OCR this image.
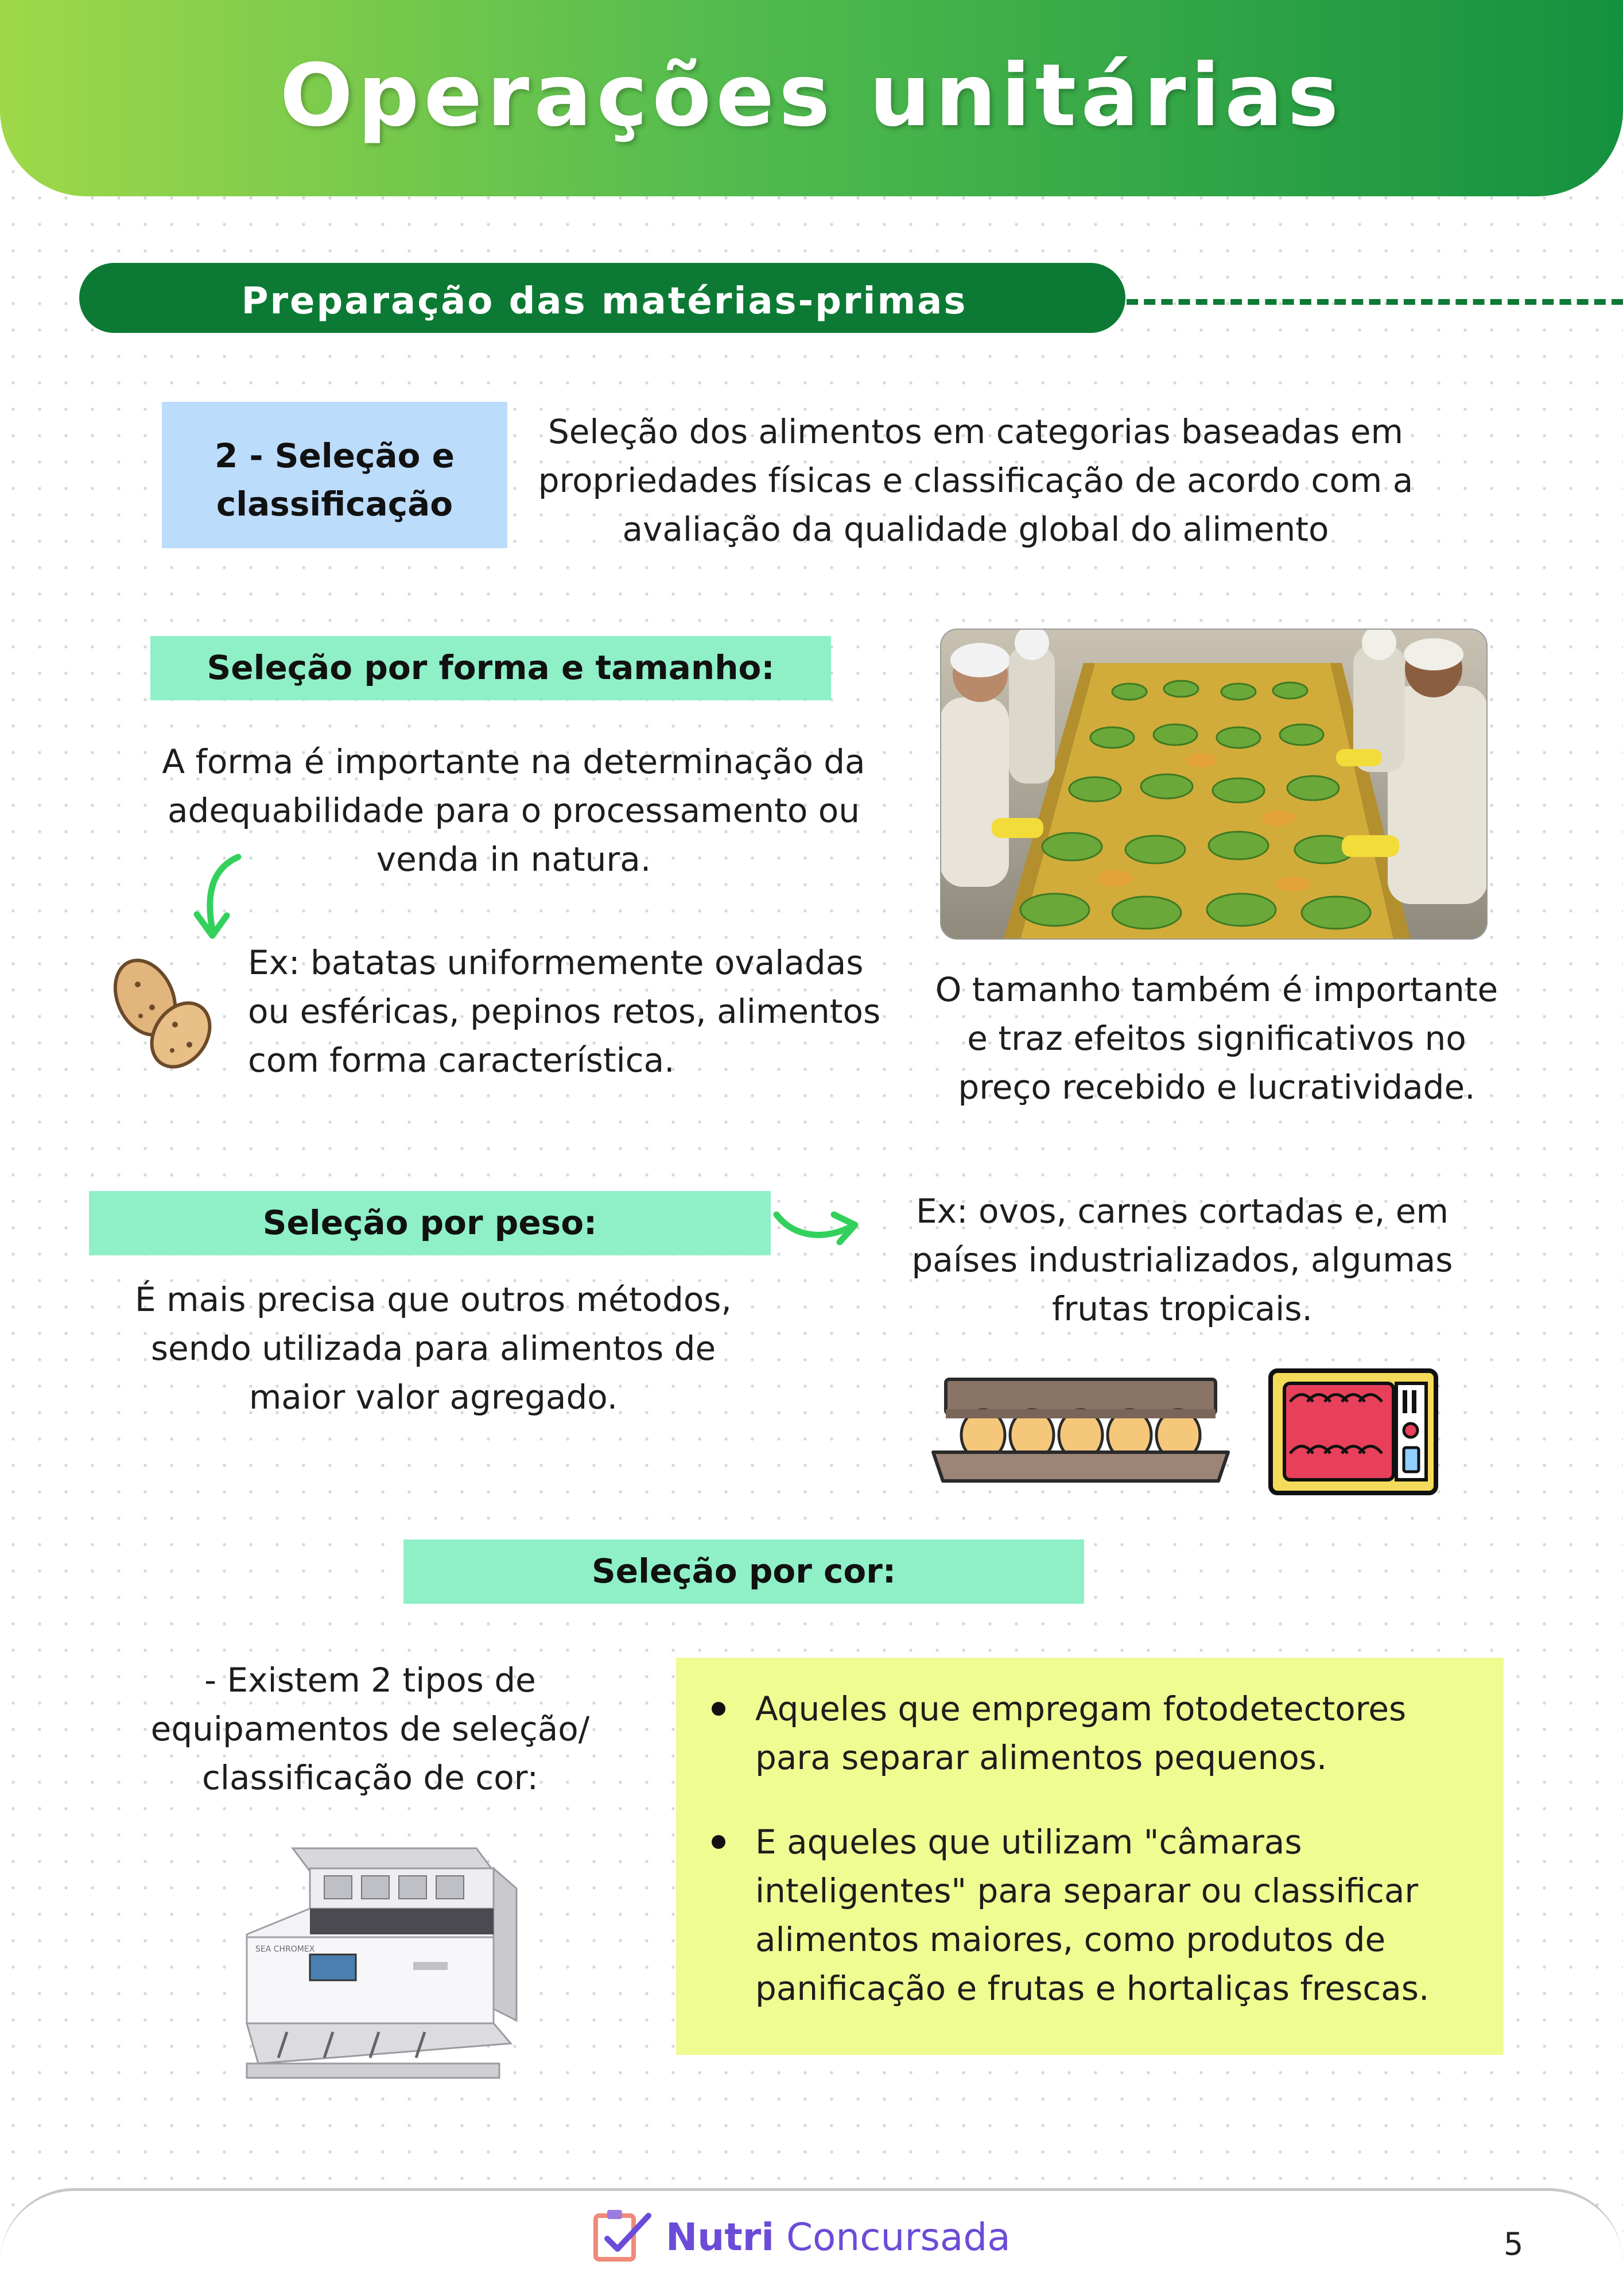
Operações unitárias
Preparação das matérias-primas
2 - Seleção e
classificação
Seleção dos alimentos em categorias baseadas em
propriedades físicas e classificação de acordo com a
avaliação da qualidade global do alimento
Seleção por forma e tamanho:
A forma é importante na determinação da
adequabilidade para o processamento ou
venda in natura.
Ex: batatas uniformemente ovaladas
ou esféricas, pepinos retos, alimentos
com forma característica.
O tamanho também é importante
e traz efeitos significativos no
preço recebido e lucratividade.
Seleção por peso:
É mais precisa que outros métodos,
sendo utilizada para alimentos de
maior valor agregado.
Ex: ovos, carnes cortadas e, em
países industrializados, algumas
frutas tropicais.
Seleção por cor:
- Existem 2 tipos de
equipamentos de seleção/
classificação de cor:
SEA CHROMEX
Aqueles que empregam fotodetectores
para separar alimentos pequenos.
E aqueles que utilizam "câmaras
inteligentes" para separar ou classificar
alimentos maiores, como produtos de
panificação e frutas e hortaliças frescas.
Nutri Concursada	5
